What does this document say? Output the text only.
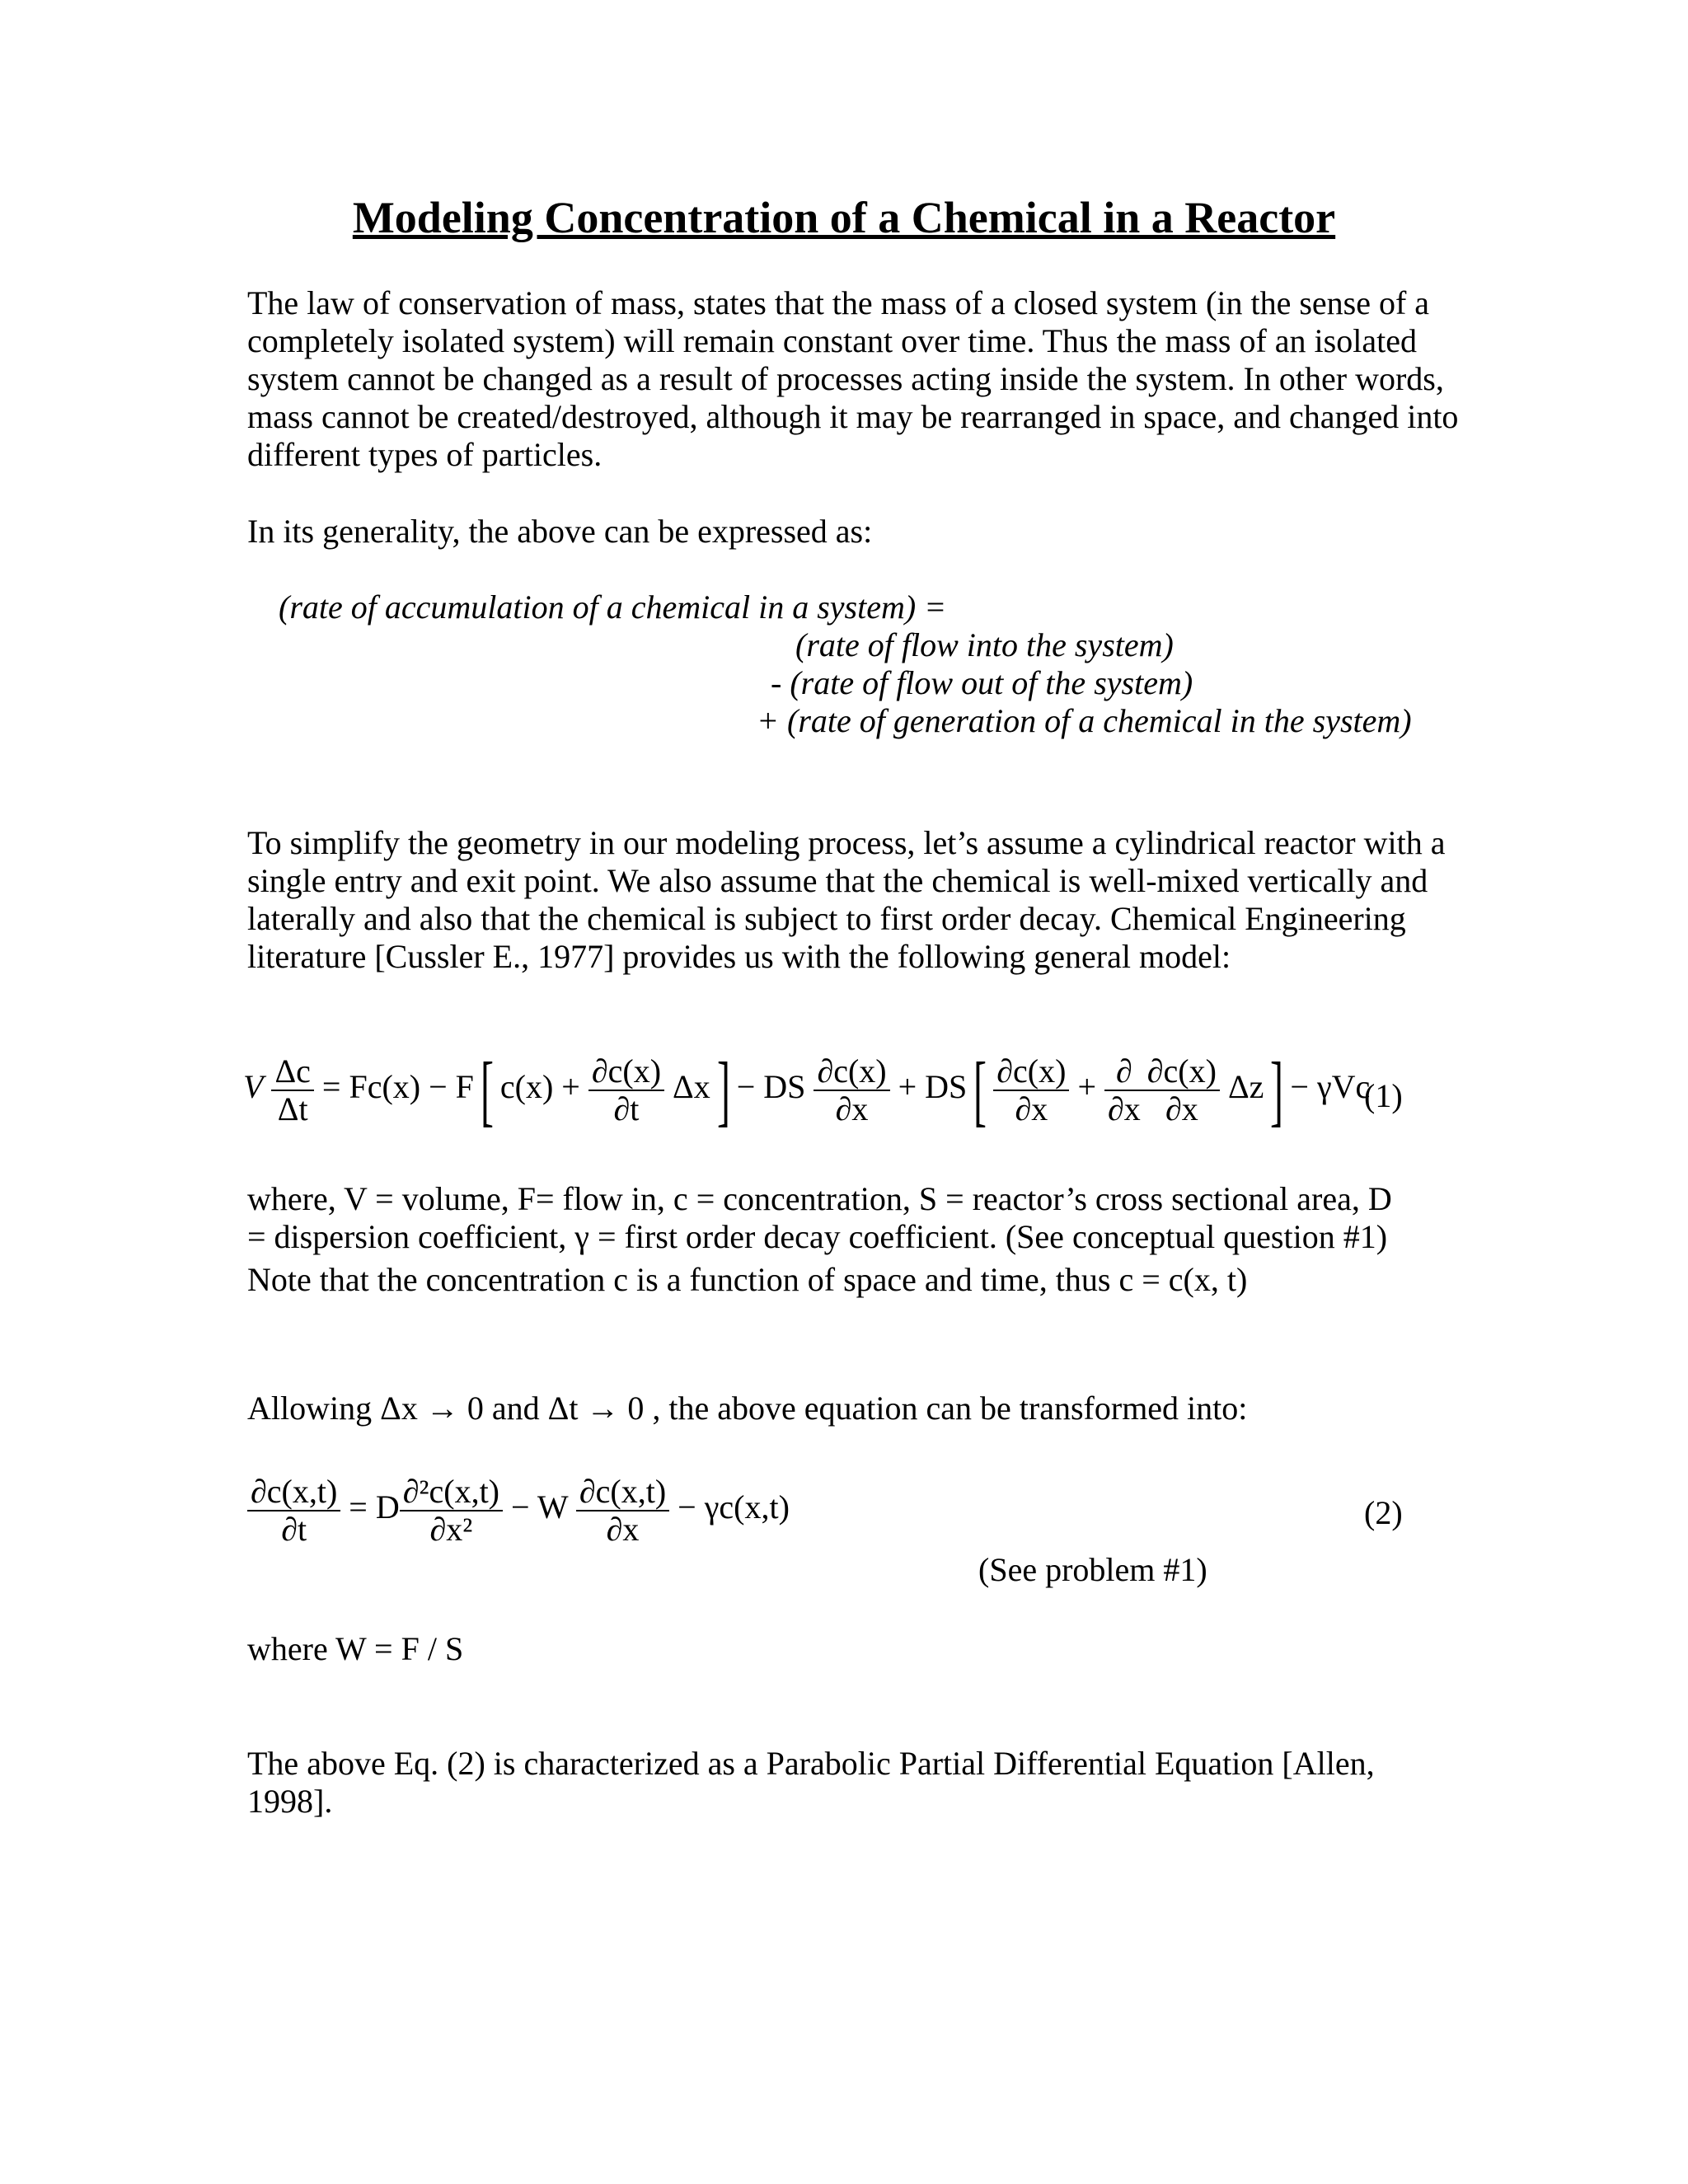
Modeling Concentration of a Chemical in a Reactor

The law of conservation of mass, states that the mass of a closed system (in the sense of a completely isolated system) will remain constant over time. Thus the mass of an isolated system cannot be changed as a result of processes acting inside the system. In other words, mass cannot be created/destroyed, although it may be rearranged in space, and changed into different types of particles.

In its generality, the above can be expressed as:

(rate of accumulation of a chemical in a system) =
(rate of flow into the system)
- (rate of flow out of the system)
+ (rate of generation of a chemical in the system)

To simplify the geometry in our modeling process, let’s assume a cylindrical reactor with a single entry and exit point. We also assume that the chemical is well-mixed vertically and laterally and also that the chemical is subject to first order decay. Chemical Engineering literature [Cussler E., 1977] provides us with the following general model:

V $\frac{\Delta c}{\Delta t} = Fc(x) - F$[ $c(x) + \frac{\partial c(x)}{\partial t} \Delta x$] − DS $\frac{\partial c(x)}{\partial x} + DS[ \frac{\partial c(x)}{\partial x} + \frac{\partial}{\partial x} \frac{\partial c(x)}{\partial x} \Delta z] - \gamma Vc$
(1)

where, V = volume, F= flow in, c = concentration, S = reactor’s cross sectional area, D

= dispersion coefficient, γ = first order decay coefficient. (See conceptual question #1)

Note that the concentration c is a function of space and time, thus c = c(x, t)

Allowing Δx → 0 and Δt → 0 , the above equation can be transformed into:

$\frac{\partial c(x,t)}{\partial t} = D \frac{\text{∂²c(x,t)}}{\text{∂x²}} - W \frac{\partial c(x,t)}{\partial x} - \gamma c(x,t)$	(2)

(See problem #1)

where W = F / S

The above Eq. (2) is characterized as a Parabolic Partial Differential Equation [Allen, 1998].
